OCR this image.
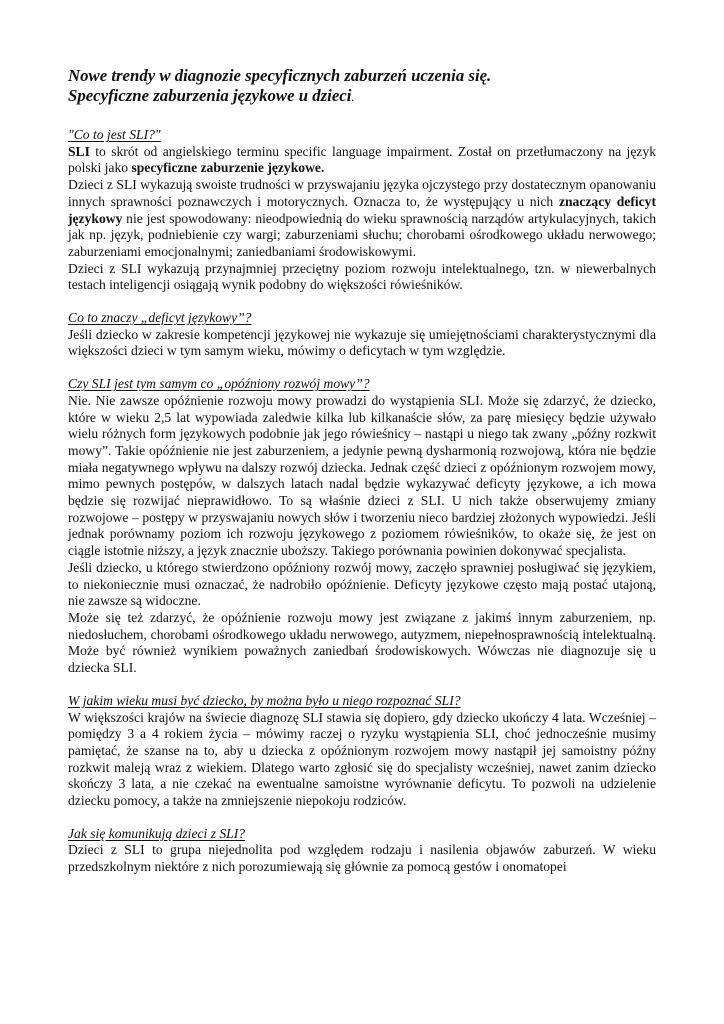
Nowe trendy w diagnozie specyficznych zaburzeń uczenia się.
Specyficzne zaburzenia językowe u dzieci.
"Co to jest SLI?"

SLI to skrót od angielskiego terminu specific language impairment. Został on przetłumaczony na język polski jako specyficzne zaburzenie językowe.

Dzieci z SLI wykazują swoiste trudności w przyswajaniu języka ojczystego przy dostatecznym opanowaniu innych sprawności poznawczych i motorycznych. Oznacza to, że występujący u nich znaczący deficyt językowy nie jest spowodowany: nieodpowiednią do wieku sprawnością narządów artykulacyjnych, takich jak np. język, podniebienie czy wargi; zaburzeniami słuchu; chorobami ośrodkowego układu nerwowego; zaburzeniami emocjonalnymi; zaniedbaniami środowiskowymi.

Dzieci z SLI wykazują przynajmniej przeciętny poziom rozwoju intelektualnego, tzn. w niewerbalnych testach inteligencji osiągają wynik podobny do większości rówieśników.

Co to znaczy „deficyt językowy”?

Jeśli dziecko w zakresie kompetencji językowej nie wykazuje się umiejętnościami charakterystycznymi dla większości dzieci w tym samym wieku, mówimy o deficytach w tym względzie.

Czy SLI jest tym samym co „opóźniony rozwój mowy”?

Nie. Nie zawsze opóźnienie rozwoju mowy prowadzi do wystąpienia SLI. Może się zdarzyć, że dziecko, które w wieku 2,5 lat wypowiada zaledwie kilka lub kilkanaście słów, za parę miesięcy będzie używało wielu różnych form językowych podobnie jak jego rówieśnicy – nastąpi u niego tak zwany „późny rozkwit mowy”. Takie opóźnienie nie jest zaburzeniem, a jedynie pewną dysharmonią rozwojową, która nie będzie miała negatywnego wpływu na dalszy rozwój dziecka. Jednak część dzieci z opóźnionym rozwojem mowy, mimo pewnych postępów, w dalszych latach nadal będzie wykazywać deficyty językowe, a ich mowa będzie się rozwijać nieprawidłowo. To są właśnie dzieci z SLI. U nich także obserwujemy zmiany rozwojowe – postępy w przyswajaniu nowych słów i tworzeniu nieco bardziej złożonych wypowiedzi. Jeśli jednak porównamy poziom ich rozwoju językowego z poziomem rówieśników, to okaże się, że jest on ciągle istotnie niższy, a język znacznie uboższy. Takiego porównania powinien dokonywać specjalista.

Jeśli dziecko, u którego stwierdzono opóźniony rozwój mowy, zaczęło sprawniej posługiwać się językiem, to niekoniecznie musi oznaczać, że nadrobiło opóźnienie. Deficyty językowe często mają postać utajoną, nie zawsze są widoczne.

Może się też zdarzyć, że opóźnienie rozwoju mowy jest związane z jakimś innym zaburzeniem, np. niedosłuchem, chorobami ośrodkowego układu nerwowego, autyzmem, niepełnosprawnością intelektualną. Może być również wynikiem poważnych zaniedbań środowiskowych. Wówczas nie diagnozuje się u dziecka SLI.

W jakim wieku musi być dziecko, by można było u niego rozpoznać SLI?

W większości krajów na świecie diagnozę SLI stawia się dopiero, gdy dziecko ukończy 4 lata. Wcześniej – pomiędzy 3 a 4 rokiem życia – mówimy raczej o ryzyku wystąpienia SLI, choć jednocześnie musimy pamiętać, że szanse na to, aby u dziecka z opóźnionym rozwojem mowy nastąpił jej samoistny późny rozkwit maleją wraz z wiekiem. Dlatego warto zgłosić się do specjalisty wcześniej, nawet zanim dziecko skończy 3 lata, a nie czekać na ewentualne samoistne wyrównanie deficytu. To pozwoli na udzielenie dziecku pomocy, a także na zmniejszenie niepokoju rodziców.

Jak się komunikują dzieci z SLI?

Dzieci z SLI to grupa niejednolita pod względem rodzaju i nasilenia objawów zaburzeń. W wieku przedszkolnym niektóre z nich porozumiewają się głównie za pomocą gestów i onomatopei
